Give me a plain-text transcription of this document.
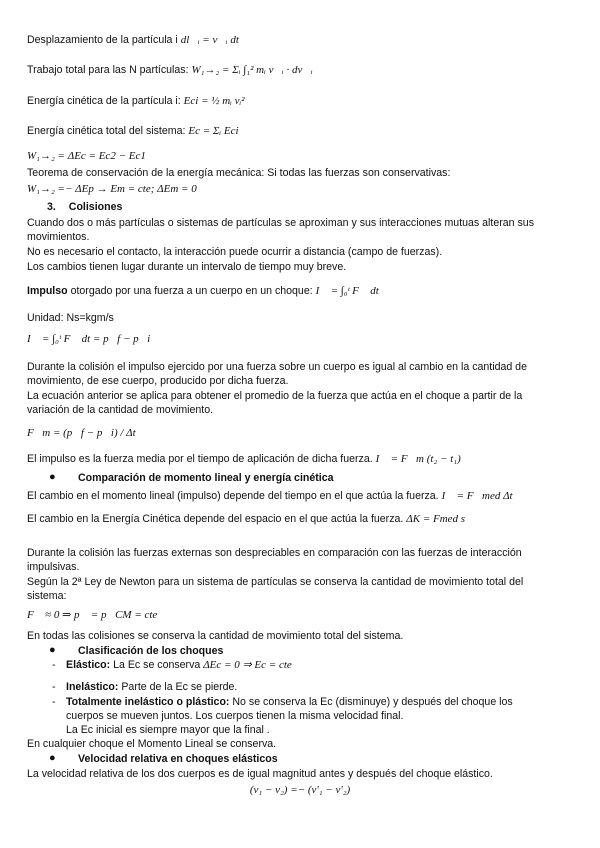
Desplazamiento de la partícula i dl⃗ᵢ = v⃗ᵢ dt
Trabajo total para las N partículas: W₁→₂ = Σᵢ ∫₁² mᵢ v⃗ᵢ · dv⃗ᵢ
Energía cinética de la partícula i: Eci = ½ mᵢ vᵢ²
Energía cinética total del sistema: Ec = Σᵢ Eci
W₁→₂ = ΔEc = Ec2 − Ec1
Teorema de conservación de la energía mecánica: Si todas las fuerzas son conservativas:
W₁→₂ =− ΔEp → Em = cte; ΔEm = 0
3. Colisiones
Cuando dos o más partículas o sistemas de partículas se aproximan y sus interacciones mutuas alteran sus
movimientos.
No es necesario el contacto, la interacción puede ocurrir a distancia (campo de fuerzas).
Los cambios tienen lugar durante un intervalo de tiempo muy breve.
Impulso otorgado por una fuerza a un cuerpo en un choque: I⃗ = ∫₀ᵗ F⃗ dt
Unidad: Ns=kgm/s
I⃗ = ∫₀ᵗ F⃗ dt = p⃗f − p⃗i
Durante la colisión el impulso ejercido por una fuerza sobre un cuerpo es igual al cambio en la cantidad de
movimiento, de ese cuerpo, producido por dicha fuerza.
La ecuación anterior se aplica para obtener el promedio de la fuerza que actúa en el choque a partir de la
variación de la cantidad de movimiento.
F⃗m = (p⃗f − p⃗i) / Δt
El impulso es la fuerza media por el tiempo de aplicación de dicha fuerza. I⃗ = F⃗m (t₂ − t₁)
● Comparación de momento lineal y energía cinética
El cambio en el momento lineal (impulso) depende del tiempo en el que actúa la fuerza. I⃗ = F⃗med Δt
El cambio en la Energía Cinética depende del espacio en el que actúa la fuerza. ΔK = Fmed s
Durante la colisión las fuerzas externas son despreciables en comparación con las fuerzas de interacción
impulsivas.
Según la 2ª Ley de Newton para un sistema de partículas se conserva la cantidad de movimiento total del
sistema:
F⃗ ≈ 0 ⇒ p⃗ = p⃗CM = cte
En todas las colisiones se conserva la cantidad de movimiento total del sistema.
● Clasificación de los choques
- Elástico: La Ec se conserva ΔEc = 0 ⇒ Ec = cte
- Inelástico: Parte de la Ec se pierde.
- Totalmente inelástico o plástico: No se conserva la Ec (disminuye) y después del choque los
cuerpos se mueven juntos. Los cuerpos tienen la misma velocidad final.
La Ec inicial es siempre mayor que la final .
En cualquier choque el Momento Lineal se conserva.
● Velocidad relativa en choques elásticos
La velocidad relativa de los dos cuerpos es de igual magnitud antes y después del choque elástico.
(v₁ − v₂) =− (v'₁ − v'₂)
